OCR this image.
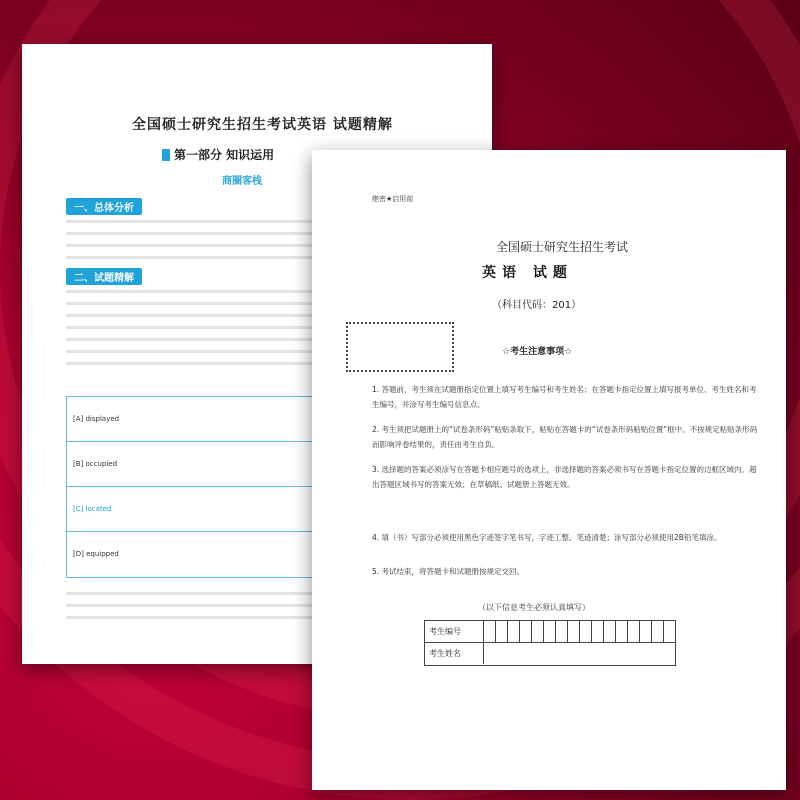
全国硕士研究生招生考试英语 试题精解
第一部分 知识运用
商圈客栈
一、总体分析
二、试题精解
[A] displayed
[B] occupied
[C] located
[D] equipped
绝密★启用前
全国硕士研究生招生考试
英语 试题
（科目代码：201）
☆考生注意事项☆
1. 答题前，考生须在试题册指定位置上填写考生编号和考生姓名；在答题卡指定位置上填写报考单位、考生姓名和考生编号，并涂写考生编号信息点。
2. 考生须把试题册上的“试卷条形码”粘贴条取下，粘贴在答题卡的“试卷条形码粘贴位置”框中。不按规定粘贴条形码而影响评卷结果的，责任由考生自负。
3. 选择题的答案必须涂写在答题卡相应题号的选项上，非选择题的答案必须书写在答题卡指定位置的边框区域内。超出答题区域书写的答案无效；在草稿纸、试题册上答题无效。
4. 填（书）写部分必须使用黑色字迹签字笔书写，字迹工整、笔迹清楚；涂写部分必须使用2B铅笔填涂。
5. 考试结束，将答题卡和试题册按规定交回。
（以下信息考生必须认真填写）
考生编号
考生姓名
